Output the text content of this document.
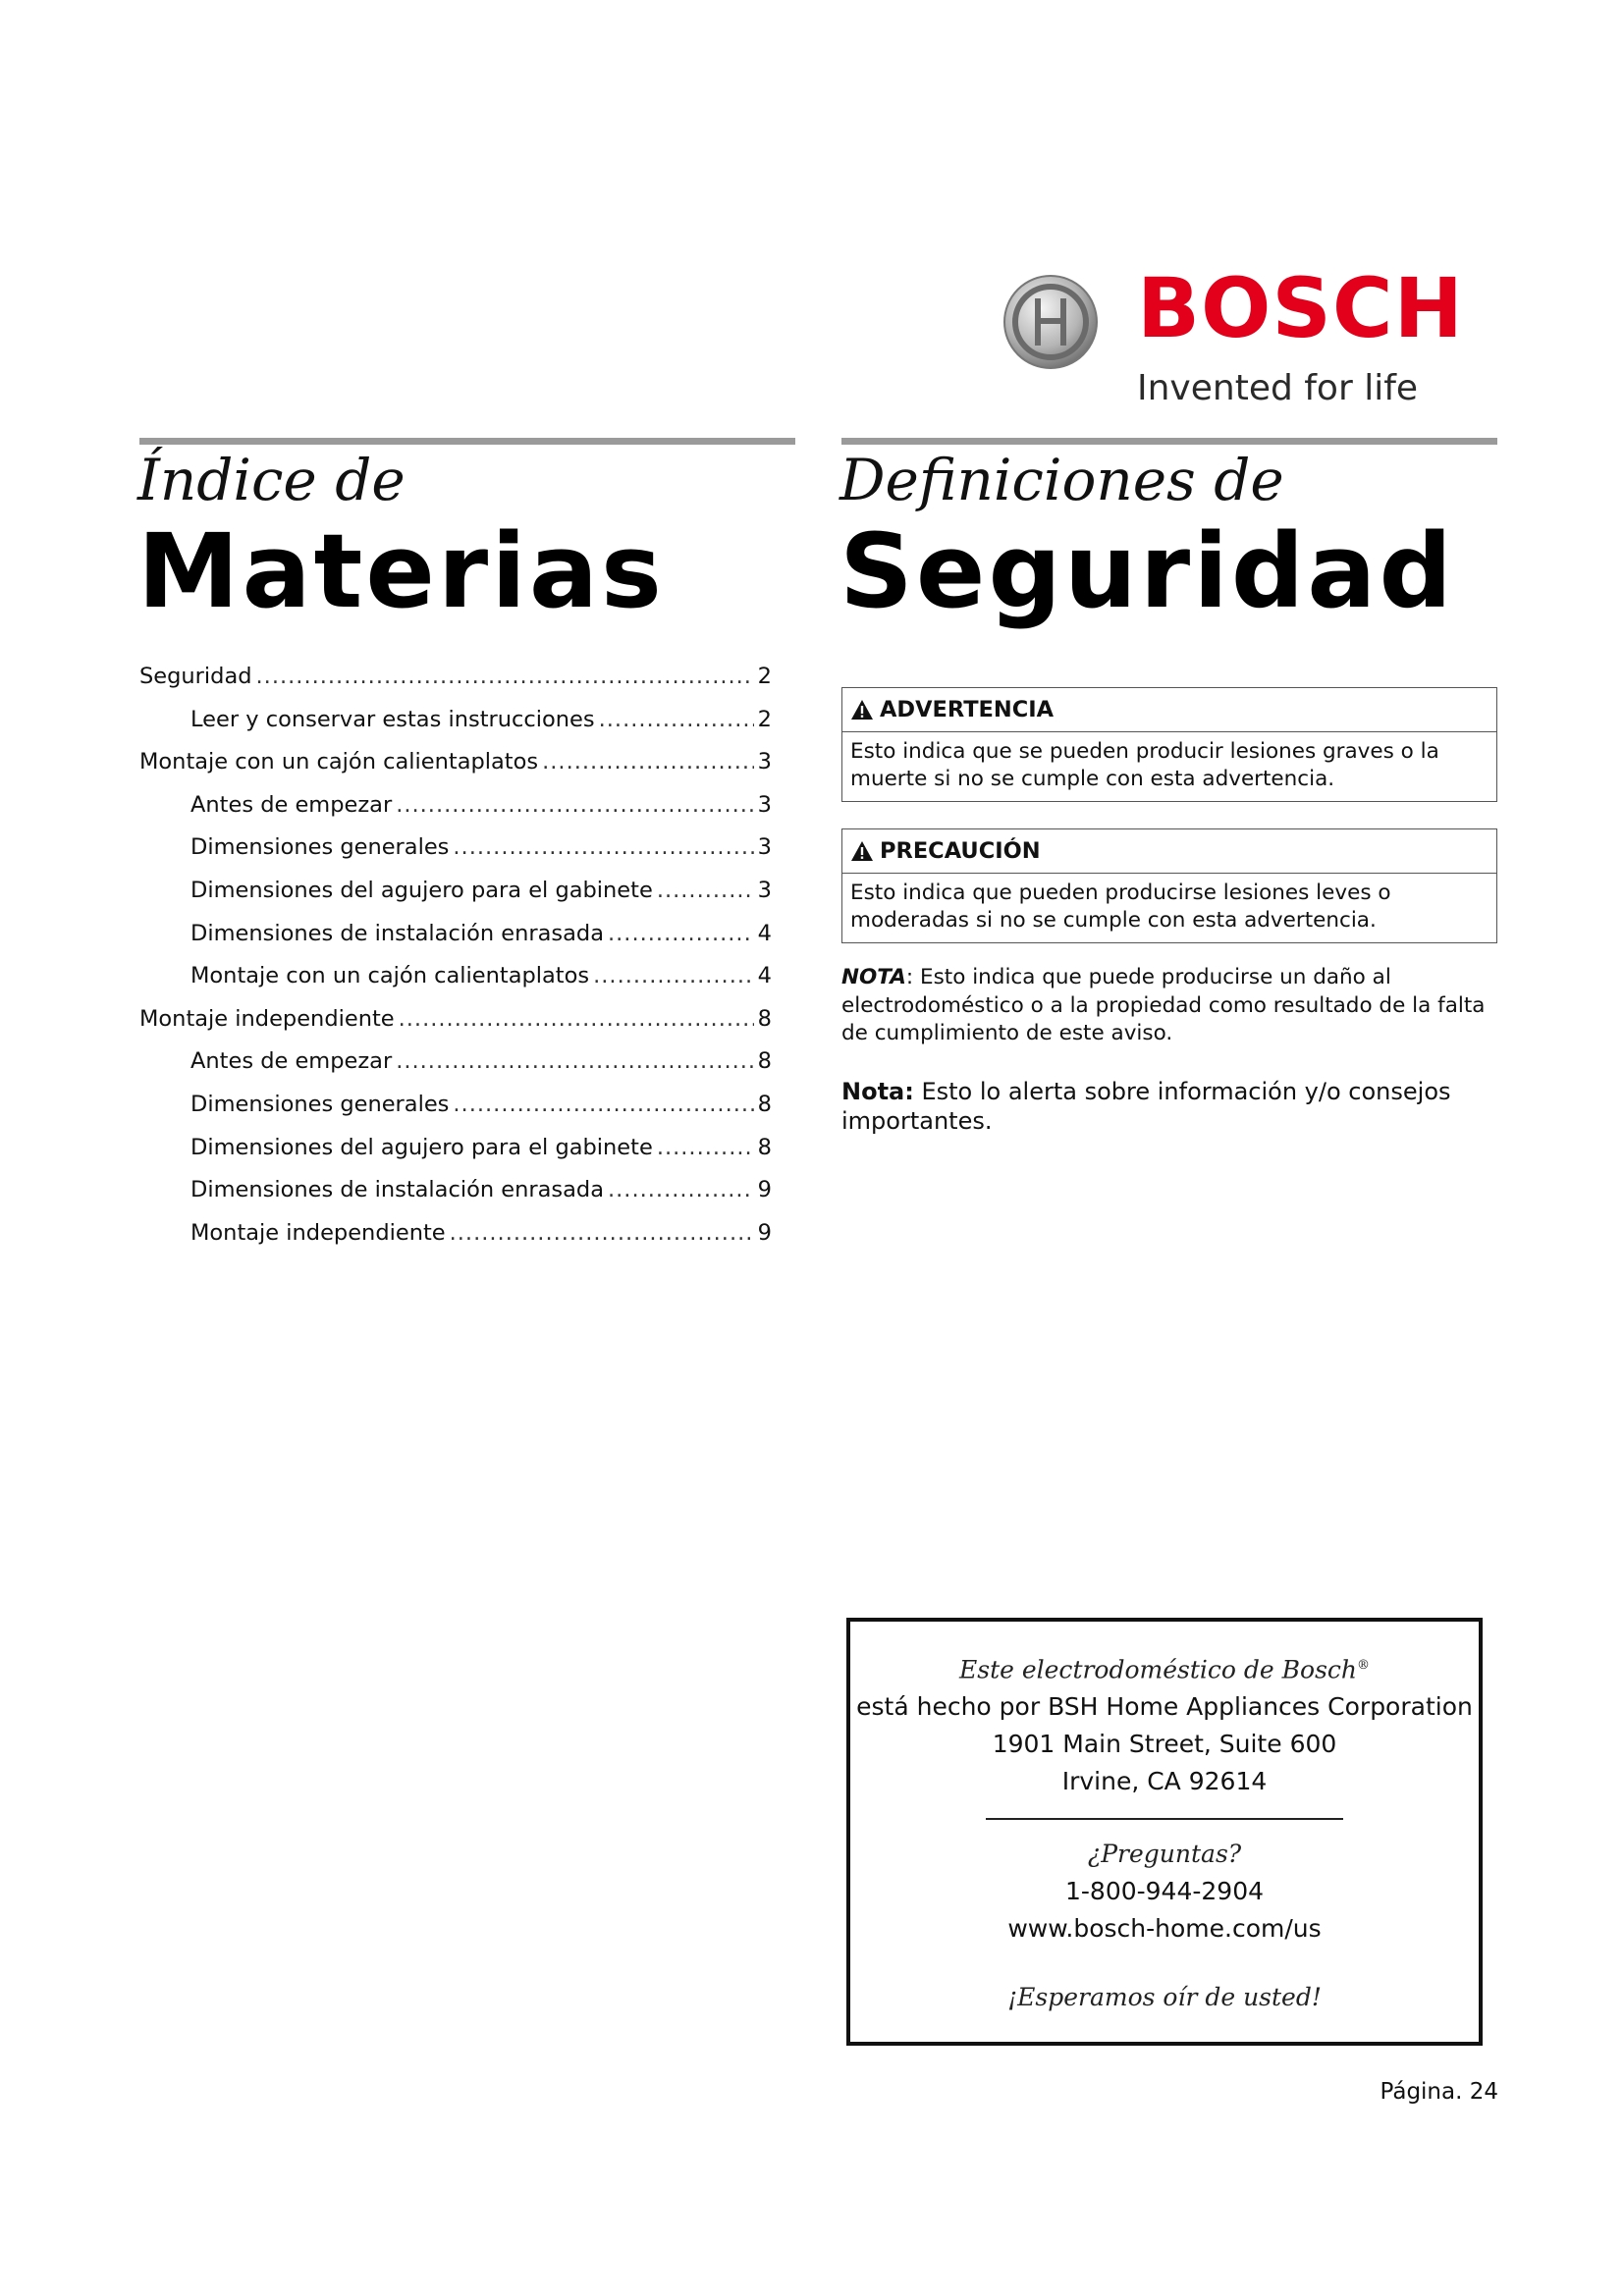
BOSCH
Invented for life
Índice de
Materias
Definiciones de
Seguridad
Seguridad .....	2
Leer y conservar estas instrucciones .....	2
Montaje con un cajón calientaplatos .....	3
Antes de empezar .....	3
Dimensiones generales .....	3
Dimensiones del agujero para el gabinete .....	3
Dimensiones de instalación enrasada .....	4
Montaje con un cajón calientaplatos .....	4
Montaje independiente .....	8
Antes de empezar .....	8
Dimensiones generales .....	8
Dimensiones del agujero para el gabinete .....	8
Dimensiones de instalación enrasada .....	9
Montaje independiente .....	9
ADVERTENCIA
Esto indica que se pueden producir lesiones graves o la muerte si no se cumple con esta advertencia.
PRECAUCIÓN
Esto indica que pueden producirse lesiones leves o moderadas si no se cumple con esta advertencia.
NOTA: Esto indica que puede producirse un daño al electrodoméstico o a la propiedad como resultado de la falta de cumplimiento de este aviso.
Nota: Esto lo alerta sobre información y/o consejos importantes.
Este electrodoméstico de Bosch®
está hecho por BSH Home Appliances Corporation
1901 Main Street, Suite 600
Irvine, CA 92614
¿Preguntas?
1-800-944-2904
www.bosch-home.com/us
¡Esperamos oír de usted!
Página. 24
